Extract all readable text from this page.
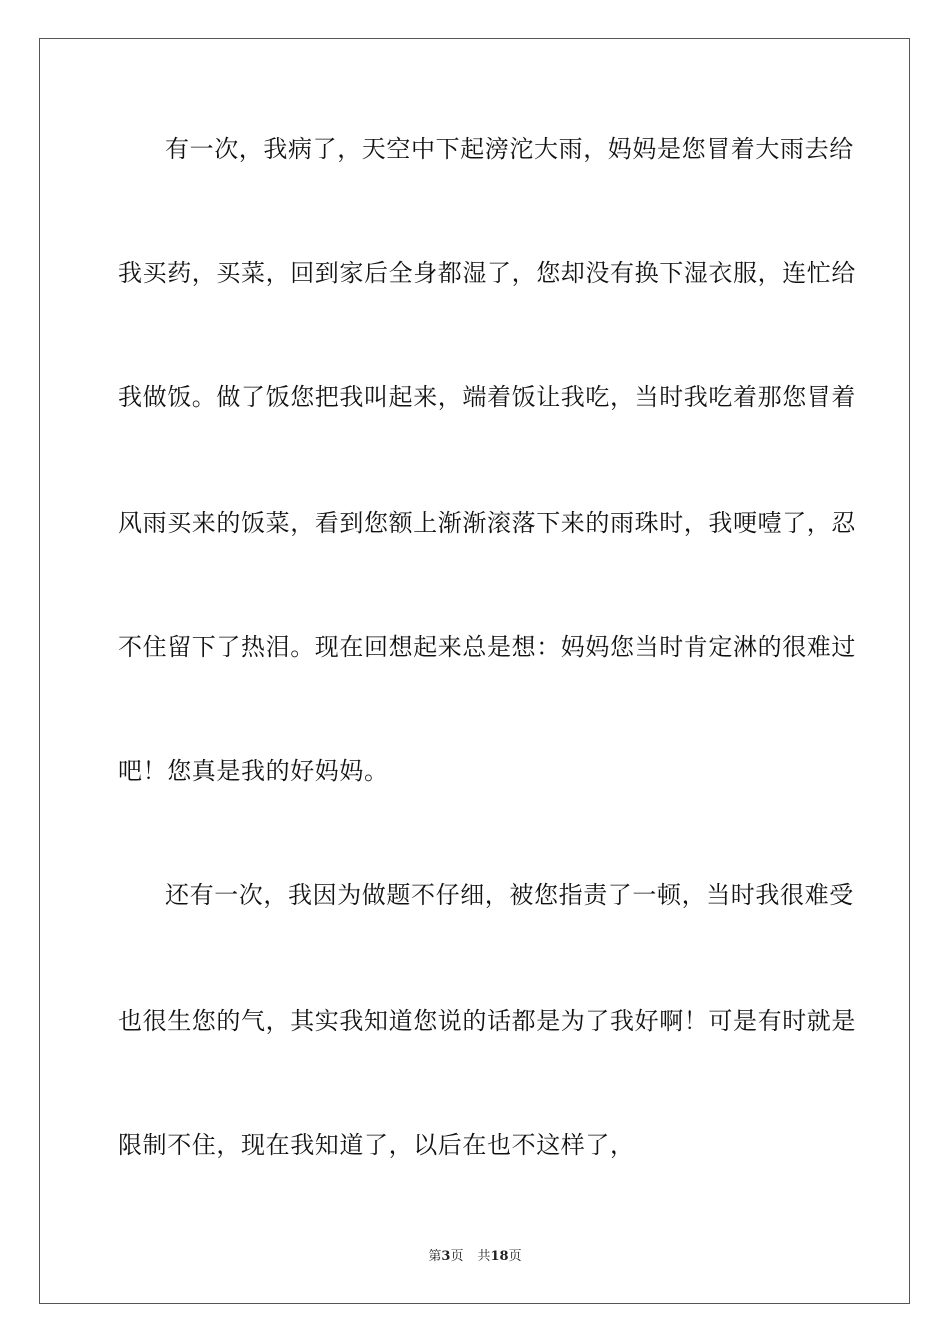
有一次，我病了，天空中下起滂沱大雨，妈妈是您冒着大雨去给
我买药，买菜，回到家后全身都湿了，您却没有换下湿衣服，连忙给
我做饭。做了饭您把我叫起来，端着饭让我吃，当时我吃着那您冒着
风雨买来的饭菜，看到您额上渐渐滚落下来的雨珠时，我哽噎了，忍
不住留下了热泪。现在回想起来总是想：妈妈您当时肯定淋的很难过
吧！您真是我的好妈妈。
还有一次，我因为做题不仔细，被您指责了一顿，当时我很难受
也很生您的气，其实我知道您说的话都是为了我好啊！可是有时就是
限制不住，现在我知道了，以后在也不这样了，
第3页 共18页
